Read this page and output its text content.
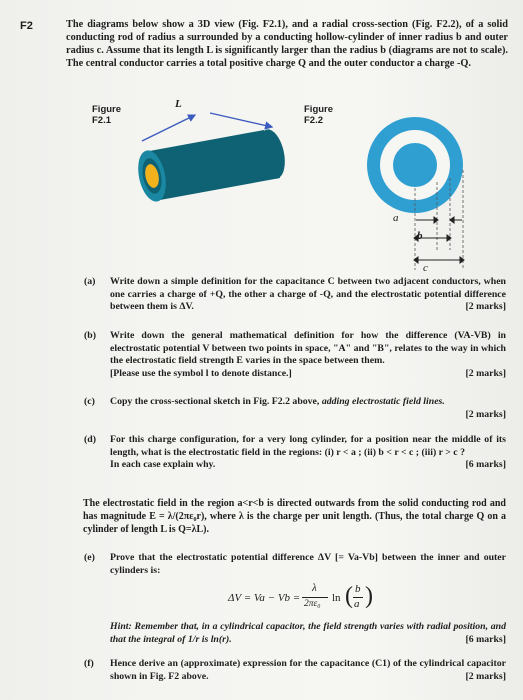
F2	The diagrams below show a 3D view (Fig. F2.1), and a radial cross-section (Fig. F2.2), of a solid conducting rod of radius a surrounded by a conducting hollow-cylinder of inner radius b and outer radius c. Assume that its length L is significantly larger than the radius b (diagrams are not to scale). The central conductor carries a total positive charge Q and the outer conductor a charge -Q.
Figure
F2.1
L	Figure
F2.2
a
b
c
(a) Write down a simple definition for the capacitance C between two adjacent conductors, when one carries a charge of +Q, the other a charge of -Q, and the electrostatic potential difference between them is ΔV.	[2 marks]
(b) Write down the general mathematical definition for how the difference (VA-VB) in electrostatic potential V between two points in space, "A" and "B", relates to the way in which the electrostatic field strength E varies in the space between them.
[Please use the symbol l to denote distance.]	[2 marks]
(c) Copy the cross-sectional sketch in Fig. F2.2 above, adding electrostatic field lines.
[2 marks]
(d) For this charge configuration, for a very long cylinder, for a position near the middle of its length, what is the electrostatic field in the regions: (i) r < a ; (ii) b < r < c ; (iii) r > c ?
In each case explain why.	[6 marks]
The electrostatic field in the region a<r<b is directed outwards from the solid conducting rod and has magnitude E = λ/(2πε₀r), where λ is the charge per unit length. (Thus, the total charge Q on a cylinder of length L is Q=λL).
(e) Prove that the electrostatic potential difference ΔV [= Va-Vb] between the inner and outer cylinders is:
ΔV = Va − Vb =
λ
2πε₀ ln ( b
a )
Hint: Remember that, in a cylindrical capacitor, the field strength varies with radial position, and that the integral of 1/r is ln(r).	[6 marks]
(f) Hence derive an (approximate) expression for the capacitance (C1) of the cylindrical capacitor shown in Fig. F2 above.	[2 marks]
